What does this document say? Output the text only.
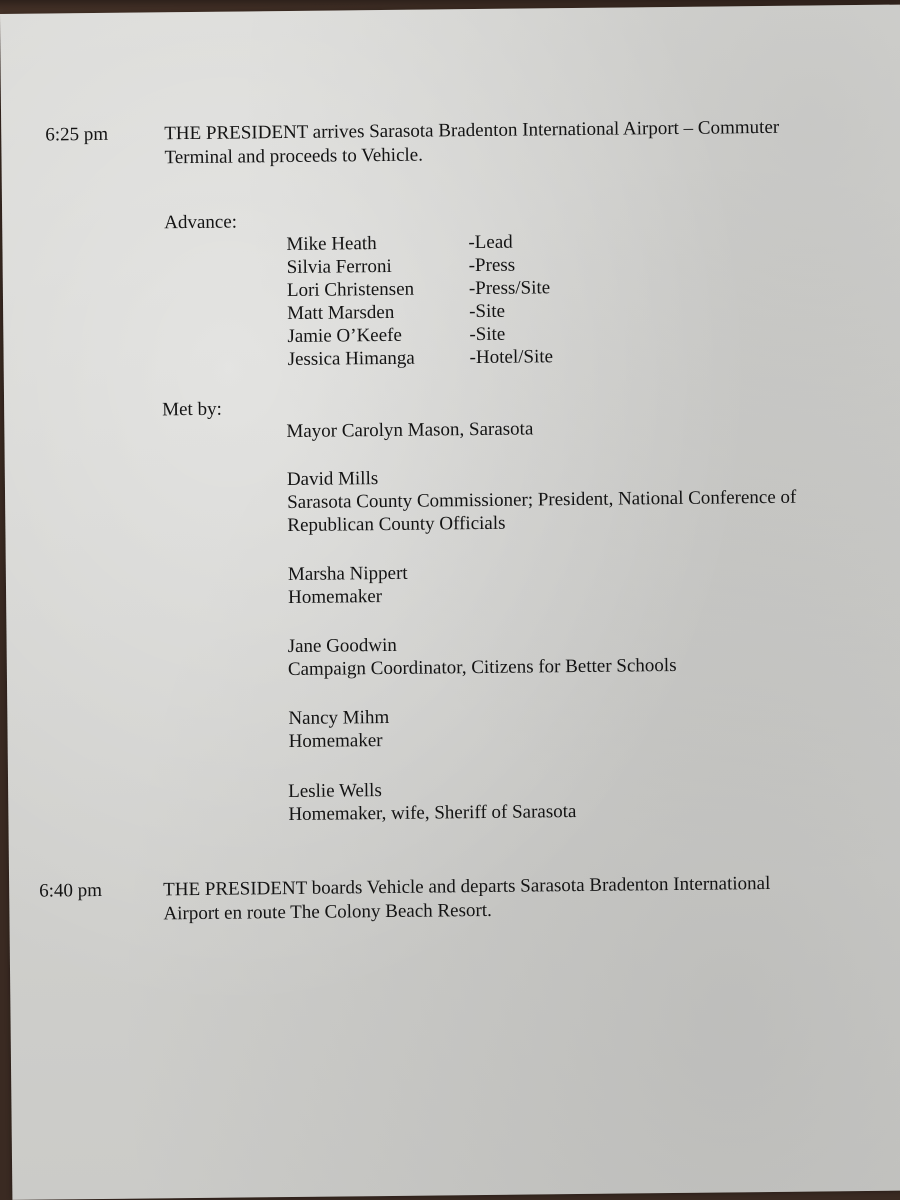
6:25 pm	THE PRESIDENT arrives Sarasota Bradenton International Airport – Commuter
Terminal and proceeds to Vehicle.
Advance:
Mike Heath	-Lead
Silvia Ferroni	-Press
Lori Christensen	-Press/Site
Matt Marsden	-Site
Jamie O’Keefe	-Site
Jessica Himanga	-Hotel/Site
Met by:
Mayor Carolyn Mason, Sarasota
David Mills
Sarasota County Commissioner; President, National Conference of
Republican County Officials
Marsha Nippert
Homemaker
Jane Goodwin
Campaign Coordinator, Citizens for Better Schools
Nancy Mihm
Homemaker
Leslie Wells
Homemaker, wife, Sheriff of Sarasota
6:40 pm	THE PRESIDENT boards Vehicle and departs Sarasota Bradenton International
Airport en route The Colony Beach Resort.
